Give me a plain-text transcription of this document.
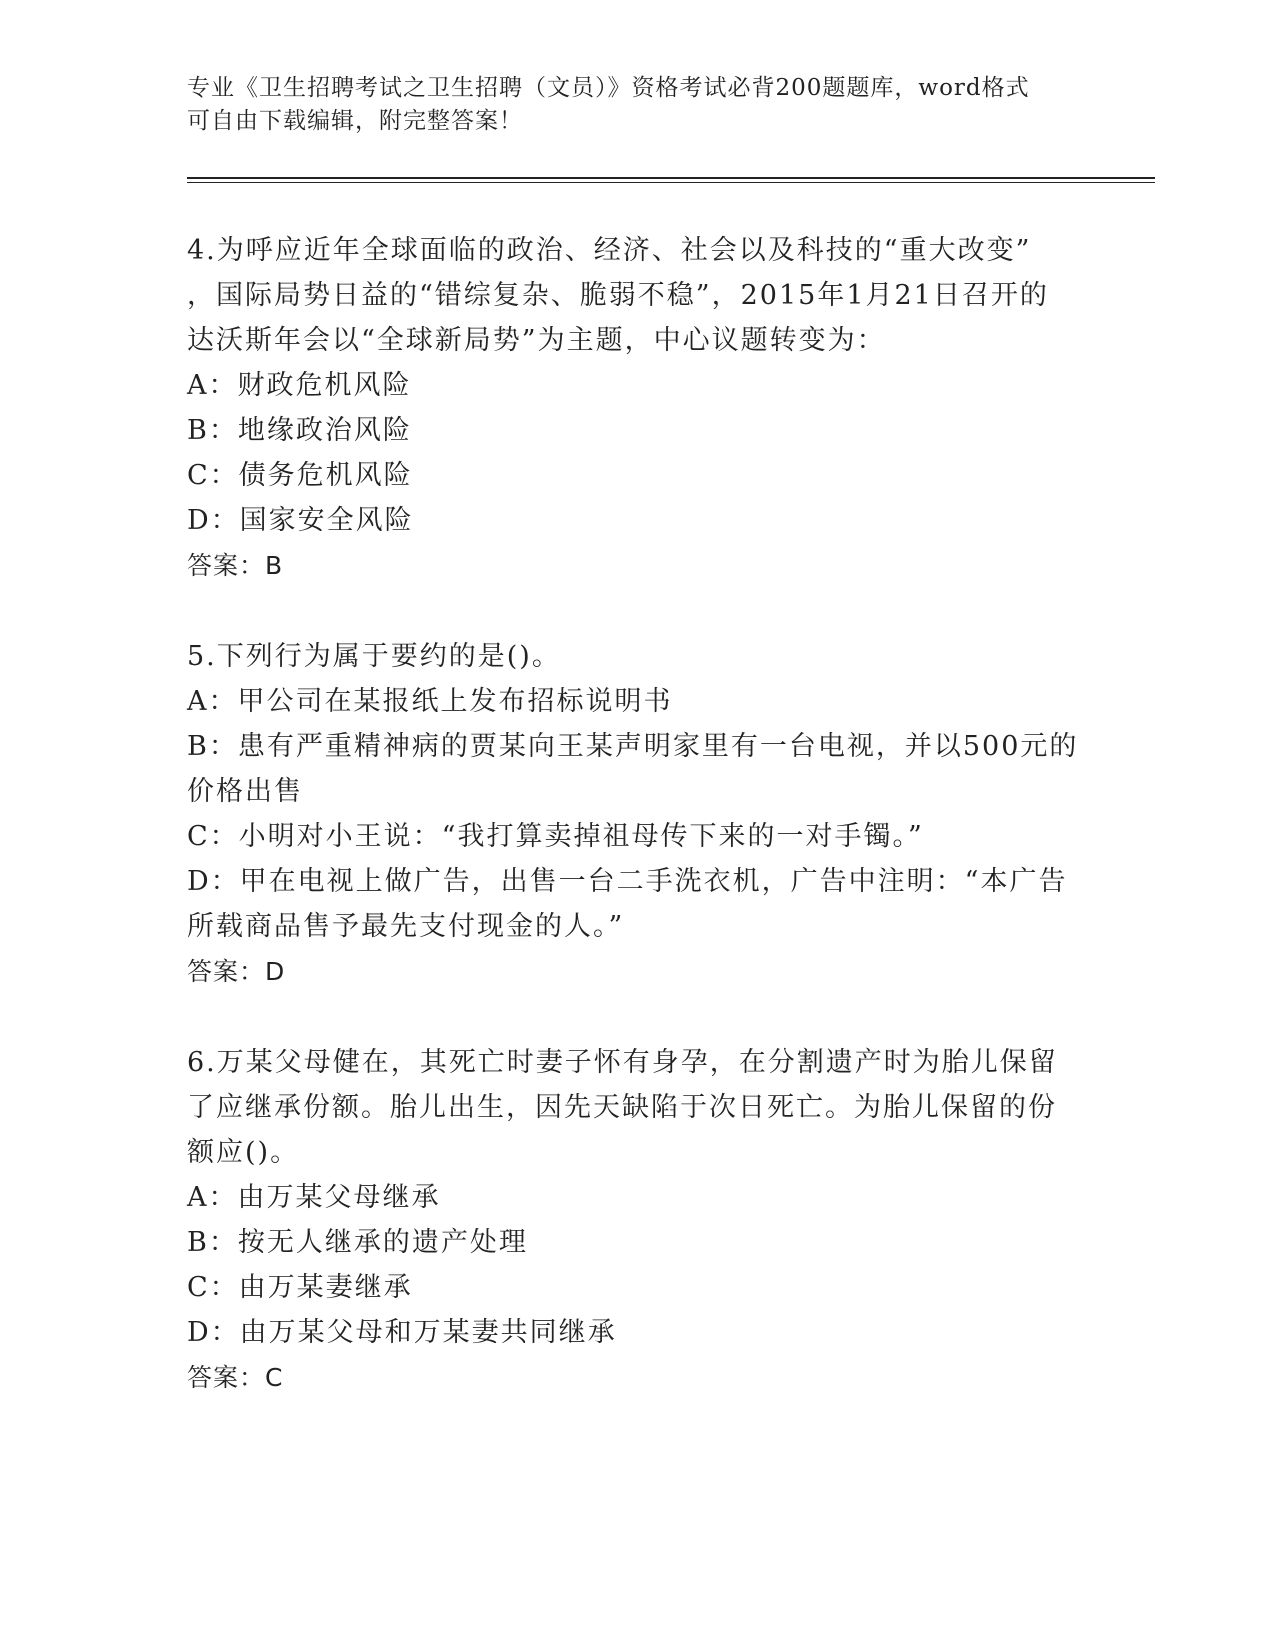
专业《卫生招聘考试之卫生招聘（文员）》资格考试必背200题题库，word格式
可自由下载编辑，附完整答案！
4.为呼应近年全球面临的政治、经济、社会以及科技的“重大改变”
，国际局势日益的“错综复杂、脆弱不稳”，2015年1月21日召开的
达沃斯年会以“全球新局势”为主题，中心议题转变为：
A：财政危机风险
B：地缘政治风险
C：债务危机风险
D：国家安全风险
答案：B
5.下列行为属于要约的是()。
A：甲公司在某报纸上发布招标说明书
B：患有严重精神病的贾某向王某声明家里有一台电视，并以500元的
价格出售
C：小明对小王说：“我打算卖掉祖母传下来的一对手镯。”
D：甲在电视上做广告，出售一台二手洗衣机，广告中注明：“本广告
所载商品售予最先支付现金的人。”
答案：D
6.万某父母健在，其死亡时妻子怀有身孕，在分割遗产时为胎儿保留
了应继承份额。胎儿出生，因先天缺陷于次日死亡。为胎儿保留的份
额应()。
A：由万某父母继承
B：按无人继承的遗产处理
C：由万某妻继承
D：由万某父母和万某妻共同继承
答案：C
